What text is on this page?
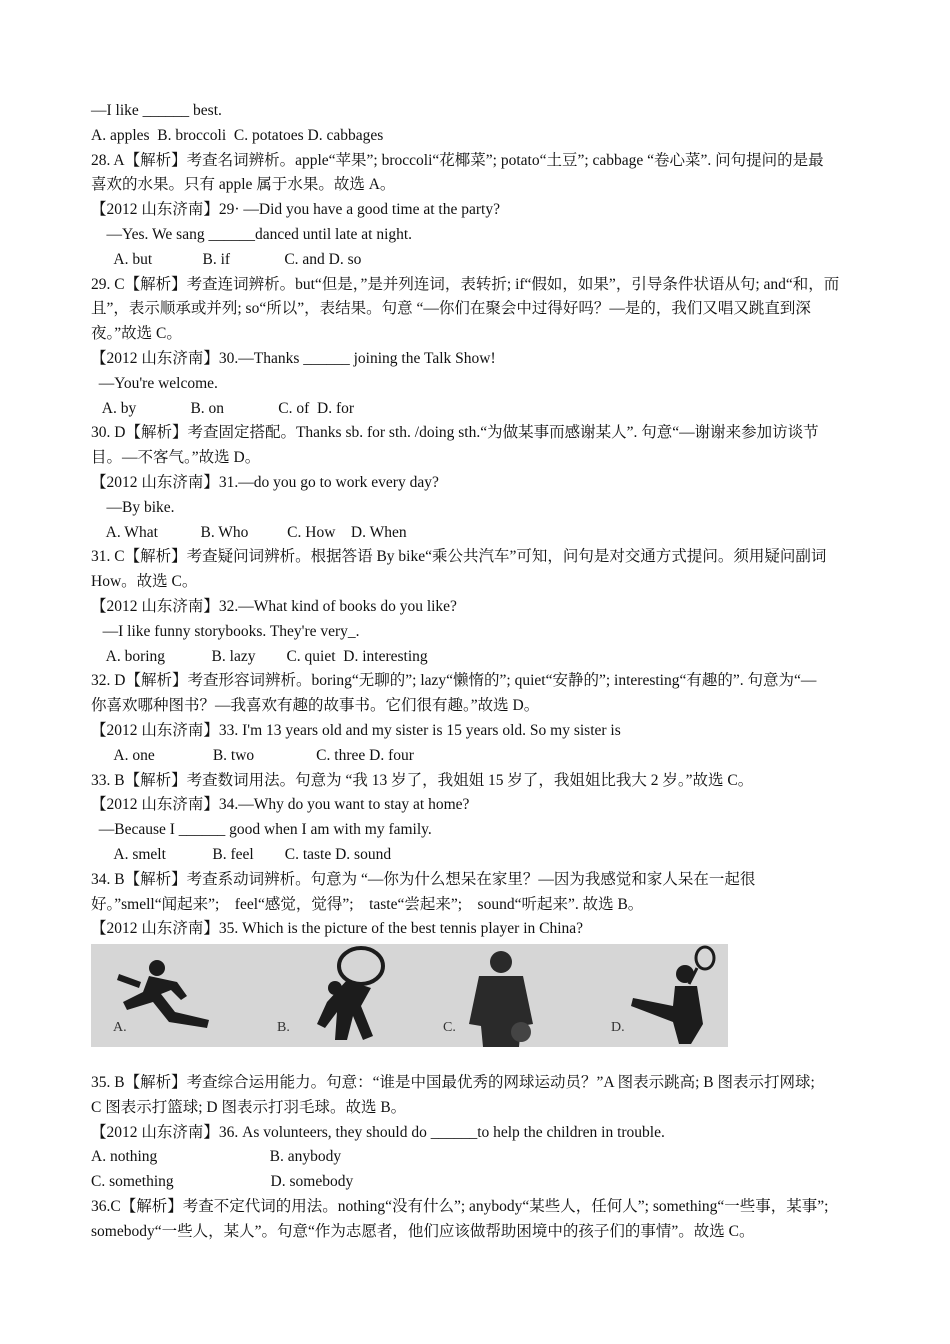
—I like ______ best.
A. apples  B. broccoli  C. potatoes D. cabbages
28. A【解析】考查名词辨析。apple“苹果”; broccoli“花椰菜”; potato“土豆”; cabbage “卷心菜”. 问句提问的是最
喜欢的水果。只有 apple 属于水果。故选 A。
【2012 山东济南】29· —Did you have a good time at the party?
—Yes. We sang ______danced until late at night.
A. but             B. if              C. and D. so
29. C【解析】考查连词辨析。but“但是，”是并列连词，表转折; if“假如，如果”，引导条件状语从句; and“和，而
且”，表示顺承或并列; so“所以”，表结果。句意 “—你们在聚会中过得好吗？—是的，我们又唱又跳直到深
夜。”故选 C。
【2012 山东济南】30.—Thanks ______ joining the Talk Show!
—You're welcome.
A. by              B. on              C. of  D. for
30. D【解析】考查固定搭配。Thanks sb. for sth. /doing sth.“为做某事而感谢某人”. 句意“—谢谢来参加访谈节
目。—不客气。”故选 D。
【2012 山东济南】31.—do you go to work every day?
—By bike.
A. What           B. Who          C. How    D. When
31. C【解析】考查疑问词辨析。根据答语 By bike“乘公共汽车”可知，问句是对交通方式提问。须用疑问副词
How。故选 C。
【2012 山东济南】32.—What kind of books do you like?
—I like funny storybooks. They're very_.
A. boring            B. lazy        C. quiet  D. interesting
32. D【解析】考查形容词辨析。boring“无聊的”; lazy“懒惰的”; quiet“安静的”; interesting“有趣的”. 句意为“—
你喜欢哪种图书？—我喜欢有趣的故事书。它们很有趣。”故选 D。
【2012 山东济南】33. I'm 13 years old and my sister is 15 years old. So my sister is
A. one               B. two                C. three D. four
33. B【解析】考查数词用法。句意为 “我 13 岁了，我姐姐 15 岁了，我姐姐比我大 2 岁。”故选 C。
【2012 山东济南】34.—Why do you want to stay at home?
—Because I ______ good when I am with my family.
A. smelt            B. feel        C. taste D. sound
34. B【解析】考查系动词辨析。句意为 “—你为什么想呆在家里？—因为我感觉和家人呆在一起很
好。”smell“闻起来”;    feel“感觉，觉得”;    taste“尝起来”;    sound“听起来”. 故选 B。
【2012 山东济南】35. Which is the picture of the best tennis player in China?
A.	B.	C.	D.
35. B【解析】考查综合运用能力。句意：“谁是中国最优秀的网球运动员？”A 图表示跳高; B 图表示打网球;
C 图表示打篮球; D 图表示打羽毛球。故选 B。
【2012 山东济南】36. As volunteers, they should do ______to help the children in trouble.
A. nothing                             B. anybody
C. something                         D. somebody
36.C【解析】考查不定代词的用法。nothing“没有什么”; anybody“某些人，任何人”; something“一些事，某事”;
somebody“一些人，某人”。句意“作为志愿者，他们应该做帮助困境中的孩子们的事情”。故选 C。
